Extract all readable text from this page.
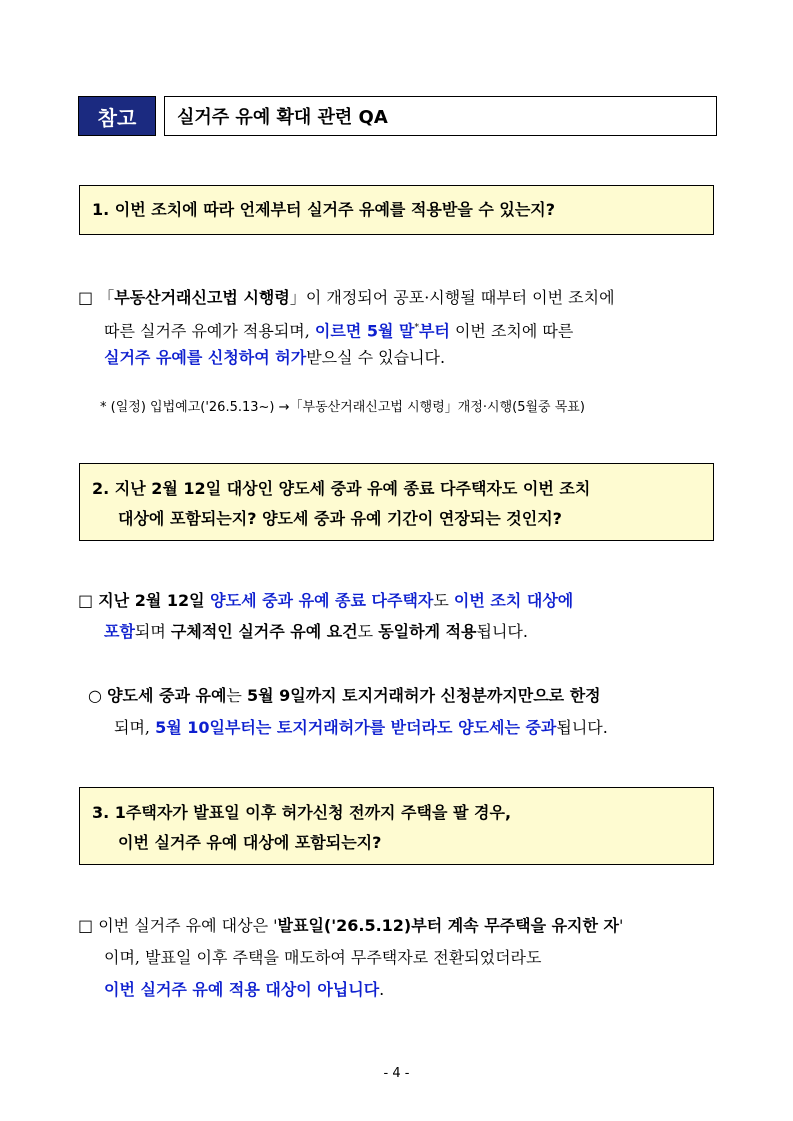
참고	실거주 유예 확대 관련 QA
1. 이번 조치에 따라 언제부터 실거주 유예를 적용받을 수 있는지?
□ 「부동산거래신고법 시행령」이 개정되어 공포·시행될 때부터 이번 조치에
따른 실거주 유예가 적용되며, 이르면 5월 말*부터 이번 조치에 따른
실거주 유예를 신청하여 허가받으실 수 있습니다.
* (일정) 입법예고('26.5.13~) →「부동산거래신고법 시행령」개정·시행(5월중 목표)
2. 지난 2월 12일 대상인 양도세 중과 유예 종료 다주택자도 이번 조치
대상에 포함되는지? 양도세 중과 유예 기간이 연장되는 것인지?
□ 지난 2월 12일 양도세 중과 유예 종료 다주택자도 이번 조치 대상에
포함되며 구체적인 실거주 유예 요건도 동일하게 적용됩니다.
○ 양도세 중과 유예는 5월 9일까지 토지거래허가 신청분까지만으로 한정
되며, 5월 10일부터는 토지거래허가를 받더라도 양도세는 중과됩니다.
3. 1주택자가 발표일 이후 허가신청 전까지 주택을 팔 경우,
이번 실거주 유예 대상에 포함되는지?
□ 이번 실거주 유예 대상은 '발표일('26.5.12)부터 계속 무주택을 유지한 자'
이며, 발표일 이후 주택을 매도하여 무주택자로 전환되었더라도
이번 실거주 유예 적용 대상이 아닙니다.
- 4 -
